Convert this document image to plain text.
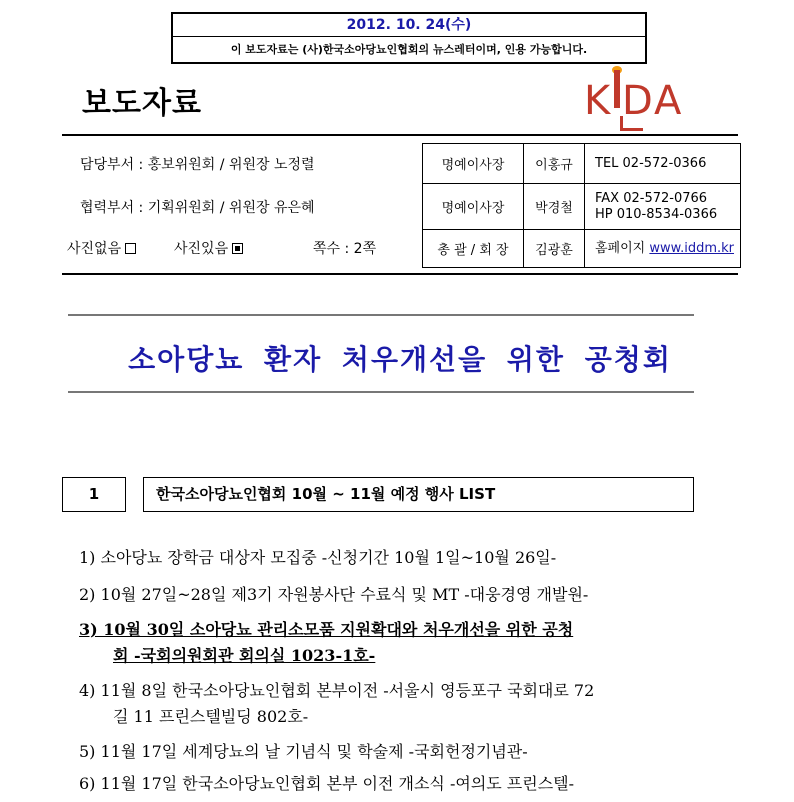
2012. 10. 24(수)
이 보도자료는 (사)한국소아당뇨인협회의 뉴스레터이며, 인용 가능합니다.
보도자료	K D A
담당부서 : 홍보위원회 / 위원장 노정렬
협력부서 : 기획위원회 / 위원장 유은혜
사진없음	사진있음	쪽수 : 2쪽
명예이사장	이홍규	TEL 02-572-0366
명예이사장	박경철	FAX 02-572-0766
HP 010-8534-0366

총 괄 / 회 장	김광훈	홈페이지 www.iddm.kr
소아당뇨 환자 처우개선을 위한 공청회
1	한국소아당뇨인협회 10월 ~ 11월 예정 행사 LIST
1) 소아당뇨 장학금 대상자 모집중 -신청기간 10월 1일~10월 26일-
2) 10월 27일~28일 제3기 자원봉사단 수료식 및 MT -대웅경영 개발원-
3) 10월 30일 소아당뇨 관리소모품 지원확대와 처우개선을 위한 공청
회 -국회의원회관 회의실 1023-1호-
4) 11월 8일 한국소아당뇨인협회 본부이전 -서울시 영등포구 국회대로 72
길 11 프린스텔빌딩 802호-
5) 11월 17일 세계당뇨의 날 기념식 및 학술제 -국회헌정기념관-
6) 11월 17일 한국소아당뇨인협회 본부 이전 개소식 -여의도 프린스텔-
